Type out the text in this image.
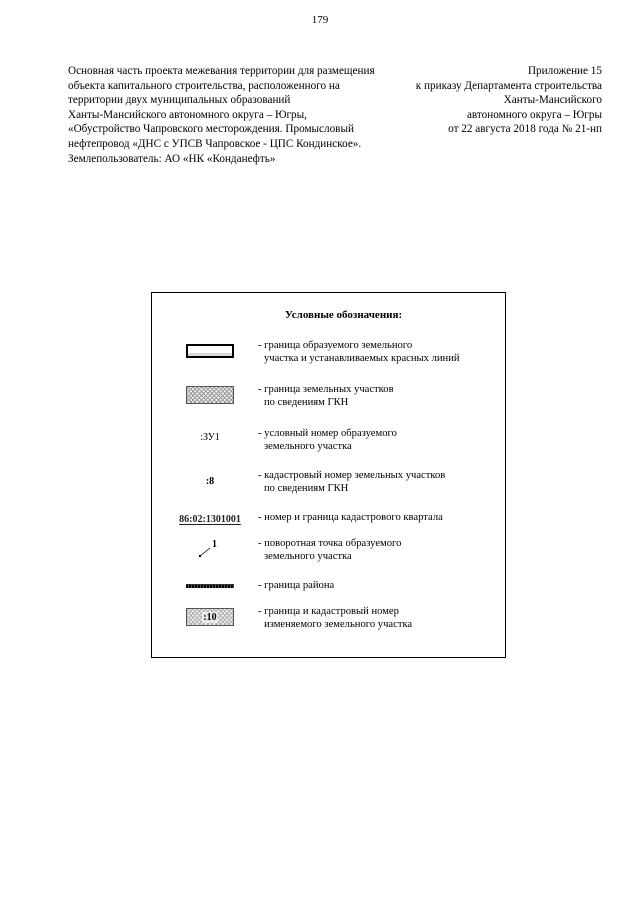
179
Основная часть проекта межевания территории для размещения
объекта капитального строительства, расположенного на
территории двух муниципальных образований
Ханты-Мансийского автономного округа – Югры,
«Обустройство Чапровского месторождения. Промысловый
нефтепровод «ДНС с УПСВ Чапровское - ЦПС Кондинское».
Землепользователь: АО «НК «Конданефть»
Приложение 15
к приказу Департамента строительства
Ханты-Мансийского
автономного округа – Югры
от 22 августа 2018 года № 21-нп
Условные обозначения:
- граница образуемого земельного
участка и устанавливаемых красных линий
- граница земельных участков
по сведениям ГКН
:ЗУ1	- условный номер образуемого
земельного участка
:8	- кадастровый номер земельных участков
по сведениям ГКН
86:02:1301001 - номер и граница кадастрового квартала
1	- поворотная точка образуемого
земельного участка
- граница района
:10	- граница и кадастровый номер
изменяемого земельного участка
